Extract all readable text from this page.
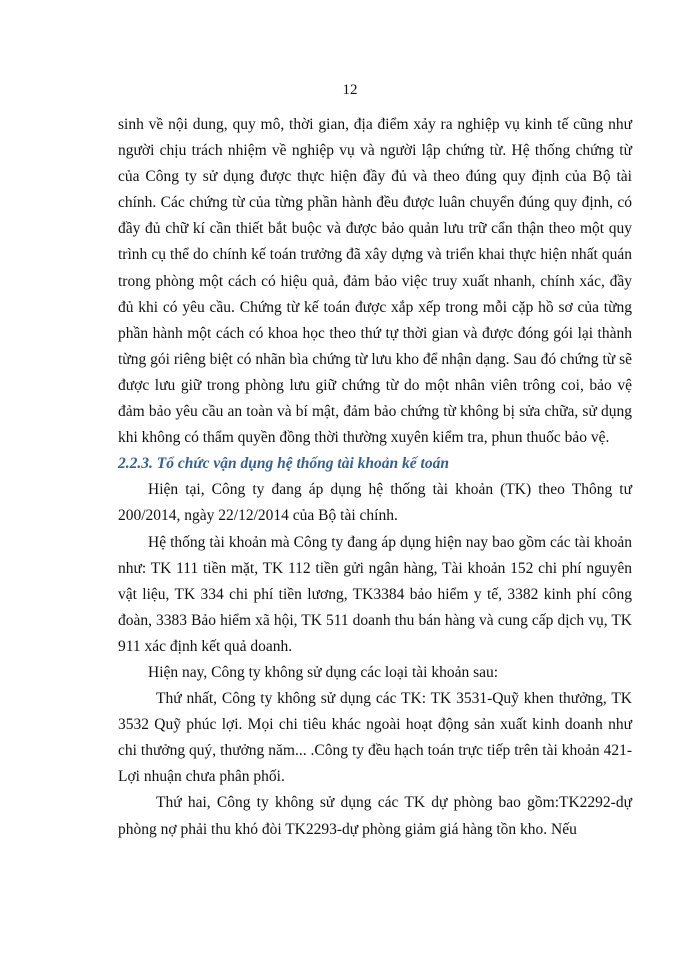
12

sinh về nội dung, quy mô, thời gian, địa điểm xảy ra nghiệp vụ kinh tế cũng như người chịu trách nhiệm về nghiệp vụ và người lập chứng từ. Hệ thống chứng từ của Công ty sử dụng được thực hiện đầy đủ và theo đúng quy định của Bộ tài chính. Các chứng từ của từng phần hành đều được luân chuyển đúng quy định, có đầy đủ chữ kí cần thiết bắt buộc và được bảo quản lưu trữ cẩn thận theo một quy trình cụ thể do chính kế toán trưởng đã xây dựng và triển khai thực hiện nhất quán trong phòng một cách có hiệu quả, đảm bảo việc truy xuất nhanh, chính xác, đầy đủ khi có yêu cầu. Chứng từ kế toán được xắp xếp trong mỗi cặp hồ sơ của từng phần hành một cách có khoa học theo thứ tự thời gian và được đóng gói lại thành từng gói riêng biệt có nhãn bìa chứng từ lưu kho để nhận dạng. Sau đó chứng từ sẽ được lưu giữ trong phòng lưu giữ chứng từ do một nhân viên trông coi, bảo vệ đảm bảo yêu cầu an toàn và bí mật, đảm bảo chứng từ không bị sửa chữa, sử dụng khi không có thẩm quyền đồng thời thường xuyên kiểm tra, phun thuốc bảo vệ.

2.2.3. Tổ chức vận dụng hệ thống tài khoản kế toán

Hiện tại, Công ty đang áp dụng hệ thống tài khoản (TK) theo Thông tư 200/2014, ngày 22/12/2014 của Bộ tài chính.

Hệ thống tài khoản mà Công ty đang áp dụng hiện nay bao gồm các tài khoản như: TK 111 tiền mặt, TK 112 tiền gửi ngân hàng, Tài khoản 152 chi phí nguyên vật liệu, TK 334 chi phí tiền lương, TK3384 bảo hiểm y tế, 3382 kinh phí công đoàn, 3383 Bảo hiểm xã hội, TK 511 doanh thu bán hàng và cung cấp dịch vụ, TK 911 xác định kết quả doanh.

Hiện nay, Công ty không sử dụng các loại tài khoản sau:

Thứ nhất, Công ty không sử dụng các TK: TK 3531-Quỹ khen thưởng, TK 3532 Quỹ phúc lợi. Mọi chi tiêu khác ngoài hoạt động sản xuất kinh doanh như chi thưởng quý, thưởng năm... .Công ty đều hạch toán trực tiếp trên tài khoản 421-Lợi nhuận chưa phân phối.

Thứ hai, Công ty không sử dụng các TK dự phòng bao gồm:TK2292-dự phòng nợ phải thu khó đòi TK2293-dự phòng giảm giá hàng tồn kho. Nếu
